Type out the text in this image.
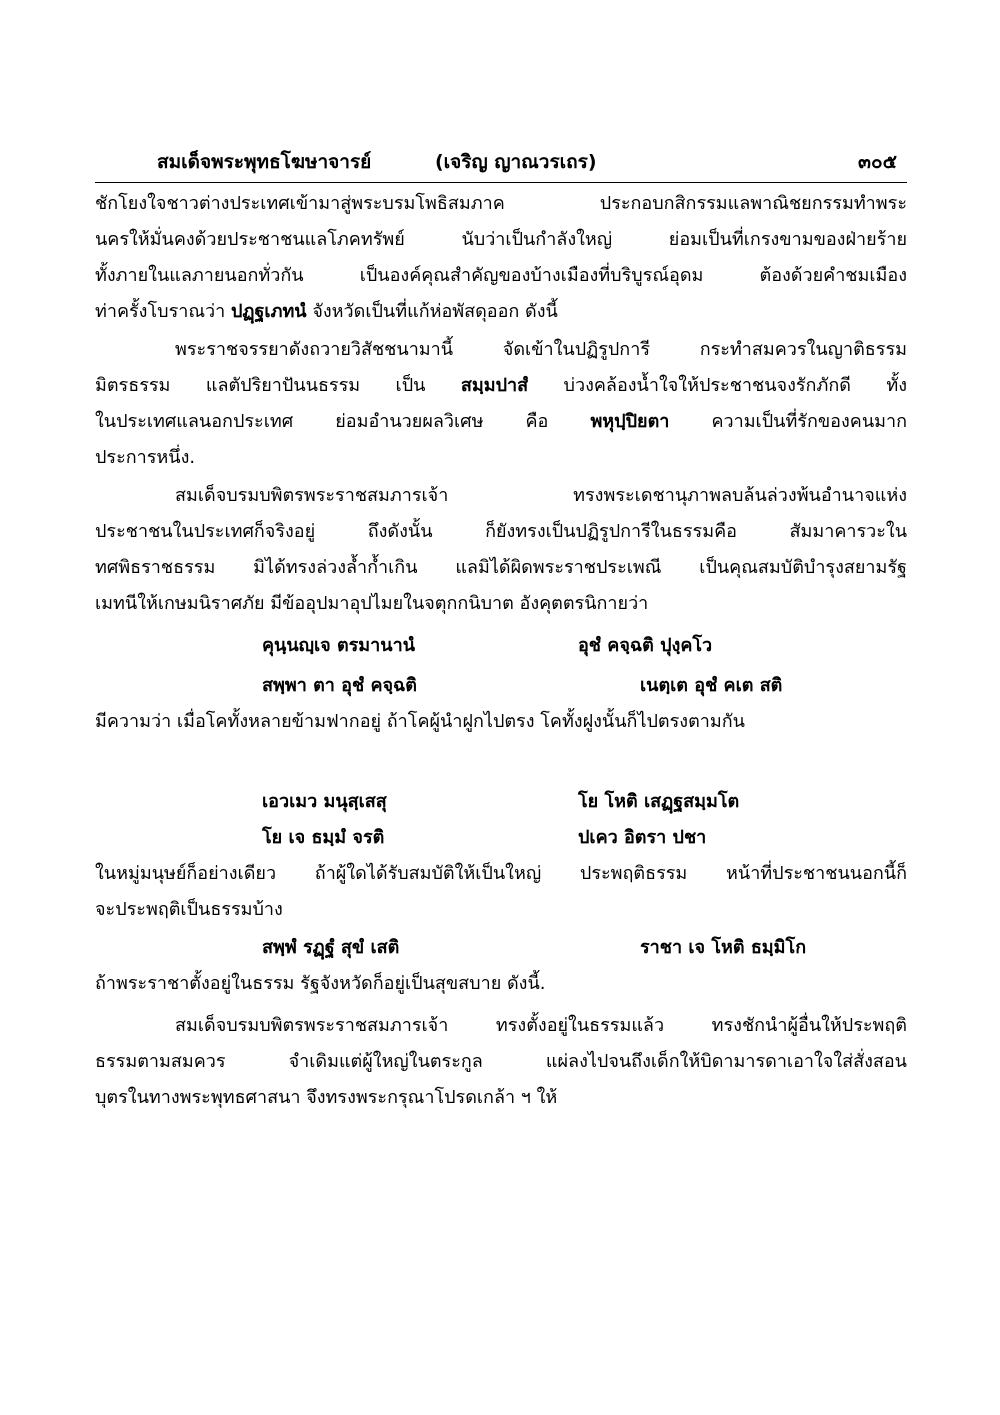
สมเด็จพระพุทธโฆษาจารย์	(เจริญ ญาณวรเถร)	๓๐๕
ชักโยงใจชาวต่างประเทศเข้ามาสู่พระบรมโพธิสมภาค ประกอบกสิกรรมแลพาณิชยกรรมทำพระ
นครให้มั่นคงด้วยประชาชนแลโภคทรัพย์ นับว่าเป็นกำลังใหญ่ ย่อมเป็นที่เกรงขามของฝ่ายร้าย
ทั้งภายในแลภายนอกทั่วกัน เป็นองค์คุณสำคัญของบ้างเมืองที่บริบูรณ์อุดม ต้องด้วยคำชมเมือง
ท่าครั้งโบราณว่า ปฏฺฐเภทนํ จังหวัดเป็นที่แก้ห่อพัสดุออก ดังนี้
พระราชจรรยาดังถวายวิสัชชนามานี้ จัดเข้าในปฏิรูปการี กระทำสมควรในญาติธรรม
มิตรธรรม แลตัปริยาปันนธรรม เป็น สมฺมปาสํ บ่วงคล้องน้ำใจให้ประชาชนจงรักภักดี ทั้ง
ในประเทศแลนอกประเทศ ย่อมอำนวยผลวิเศษ คือ พหุปฺปิยตา ความเป็นที่รักของคนมาก
ประการหนึ่ง.
สมเด็จบรมบพิตรพระราชสมภารเจ้า ทรงพระเดชานุภาพลบล้นล่วงพ้นอำนาจแห่ง
ประชาชนในประเทศก็จริงอยู่ ถึงดังนั้น ก็ยังทรงเป็นปฏิรูปการีในธรรมคือ สัมมาคารวะใน
ทศพิธราชธรรม มิได้ทรงล่วงล้ำก้ำเกิน แลมิได้ผิดพระราชประเพณี เป็นคุณสมบัติบำรุงสยามรัฐ
เมทนีให้เกษมนิราศภัย มีข้ออุปมาอุปไมยในจตุกกนิบาต อังคุตตรนิกายว่า
คุนฺนญฺเจ ตรมานานํ	อุชํ คจฺฉติ ปุงฺคโว
สพฺพา ตา อุชํ คจฺฉติ	เนตฺเต อุชํ คเต สติ
มีความว่า เมื่อโคทั้งหลายข้ามฟากอยู่ ถ้าโคผู้นำฝูกไปตรง โคทั้งฝูงนั้นก็ไปตรงตามกัน
เอวเมว มนุสฺเสสุ	โย โหติ เสฏฺฐสมฺมโต
โย เจ ธมฺมํ จรติ	ปเคว อิตรา ปชา
ในหมู่มนุษย์ก็อย่างเดียว ถ้าผู้ใดได้รับสมบัติให้เป็นใหญ่ ประพฤติธรรม หน้าที่ประชาชนนอกนี้ก็
จะประพฤติเป็นธรรมบ้าง
สพฺพํ รฏฺฐํ สุขํ เสติ	ราชา เจ โหติ ธมฺมิโก
ถ้าพระราชาตั้งอยู่ในธรรม รัฐจังหวัดก็อยู่เป็นสุขสบาย ดังนี้.
สมเด็จบรมบพิตรพระราชสมภารเจ้า ทรงตั้งอยู่ในธรรมแล้ว ทรงชักนำผู้อื่นให้ประพฤติ
ธรรมตามสมควร จำเดิมแต่ผู้ใหญ่ในตระกูล แผ่ลงไปจนถึงเด็กให้บิดามารดาเอาใจใส่สั่งสอน
บุตรในทางพระพุทธศาสนา จึงทรงพระกรุณาโปรดเกล้า ฯ ให้
